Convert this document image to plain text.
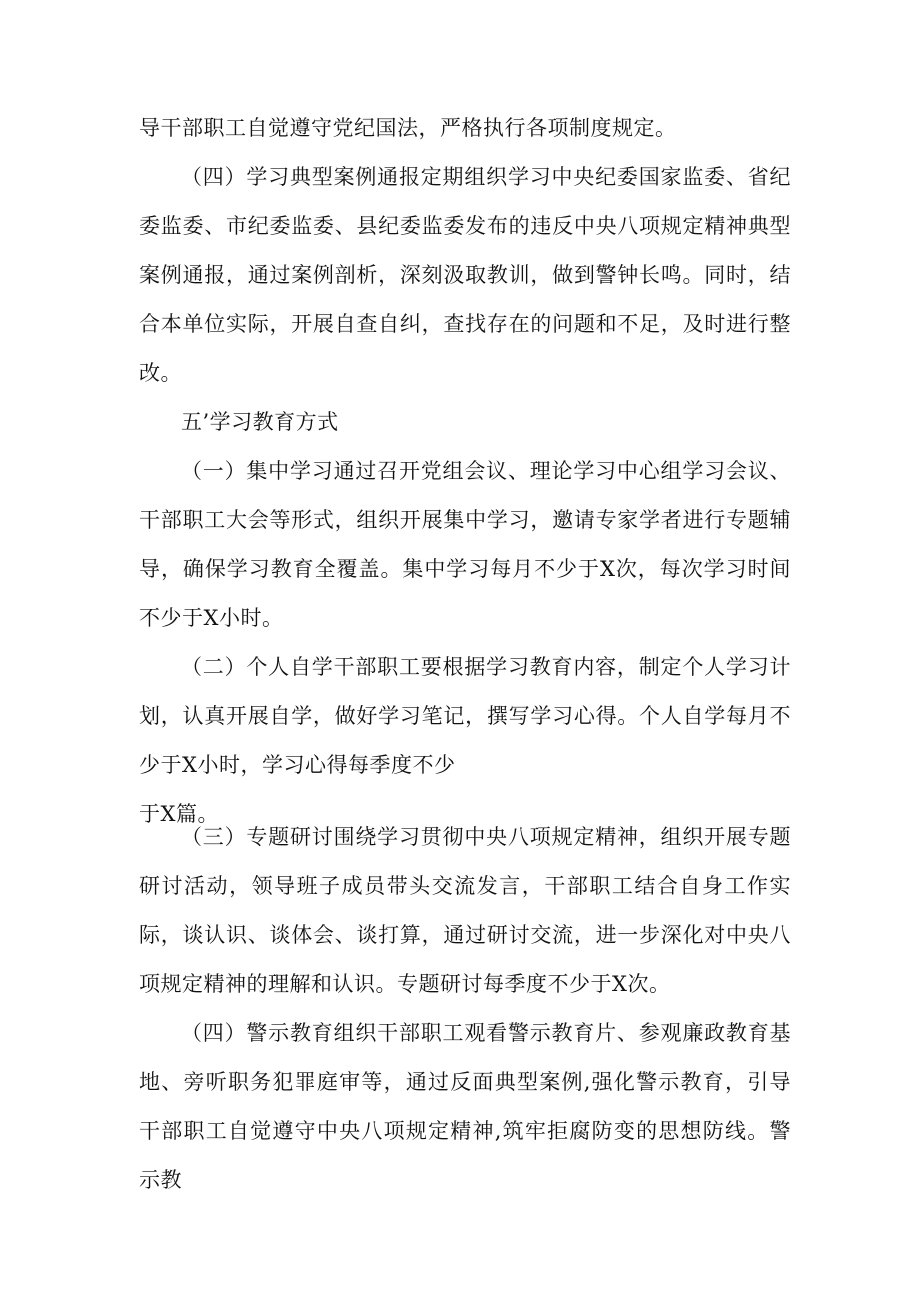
导干部职工自觉遵守党纪国法，严格执行各项制度规定。

（四）学习典型案例通报定期组织学习中央纪委国家监委、省纪委监委、市纪委监委、县纪委监委发布的违反中央八项规定精神典型案例通报，通过案例剖析，深刻汲取教训，做到警钟长鸣。同时，结合本单位实际，开展自查自纠，查找存在的问题和不足，及时进行整改。

五’学习教育方式

（一）集中学习通过召开党组会议、理论学习中心组学习会议、干部职工大会等形式，组织开展集中学习，邀请专家学者进行专题辅导，确保学习教育全覆盖。集中学习每月不少于X次，每次学习时间不少于X小时。

（二）个人自学干部职工要根据学习教育内容，制定个人学习计划，认真开展自学，做好学习笔记，撰写学习心得。个人自学每月不少于X小时，学习心得每季度不少
于X篇。

（三）专题研讨围绕学习贯彻中央八项规定精神，组织开展专题研讨活动，领导班子成员带头交流发言，干部职工结合自身工作实际，谈认识、谈体会、谈打算，通过研讨交流，进一步深化对中央八项规定精神的理解和认识。专题研讨每季度不少于X次。

（四）警示教育组织干部职工观看警示教育片、参观廉政教育基地、旁听职务犯罪庭审等，通过反面典型案例,强化警示教育，引导干部职工自觉遵守中央八项规定精神,筑牢拒腐防变的思想防线。警示教
